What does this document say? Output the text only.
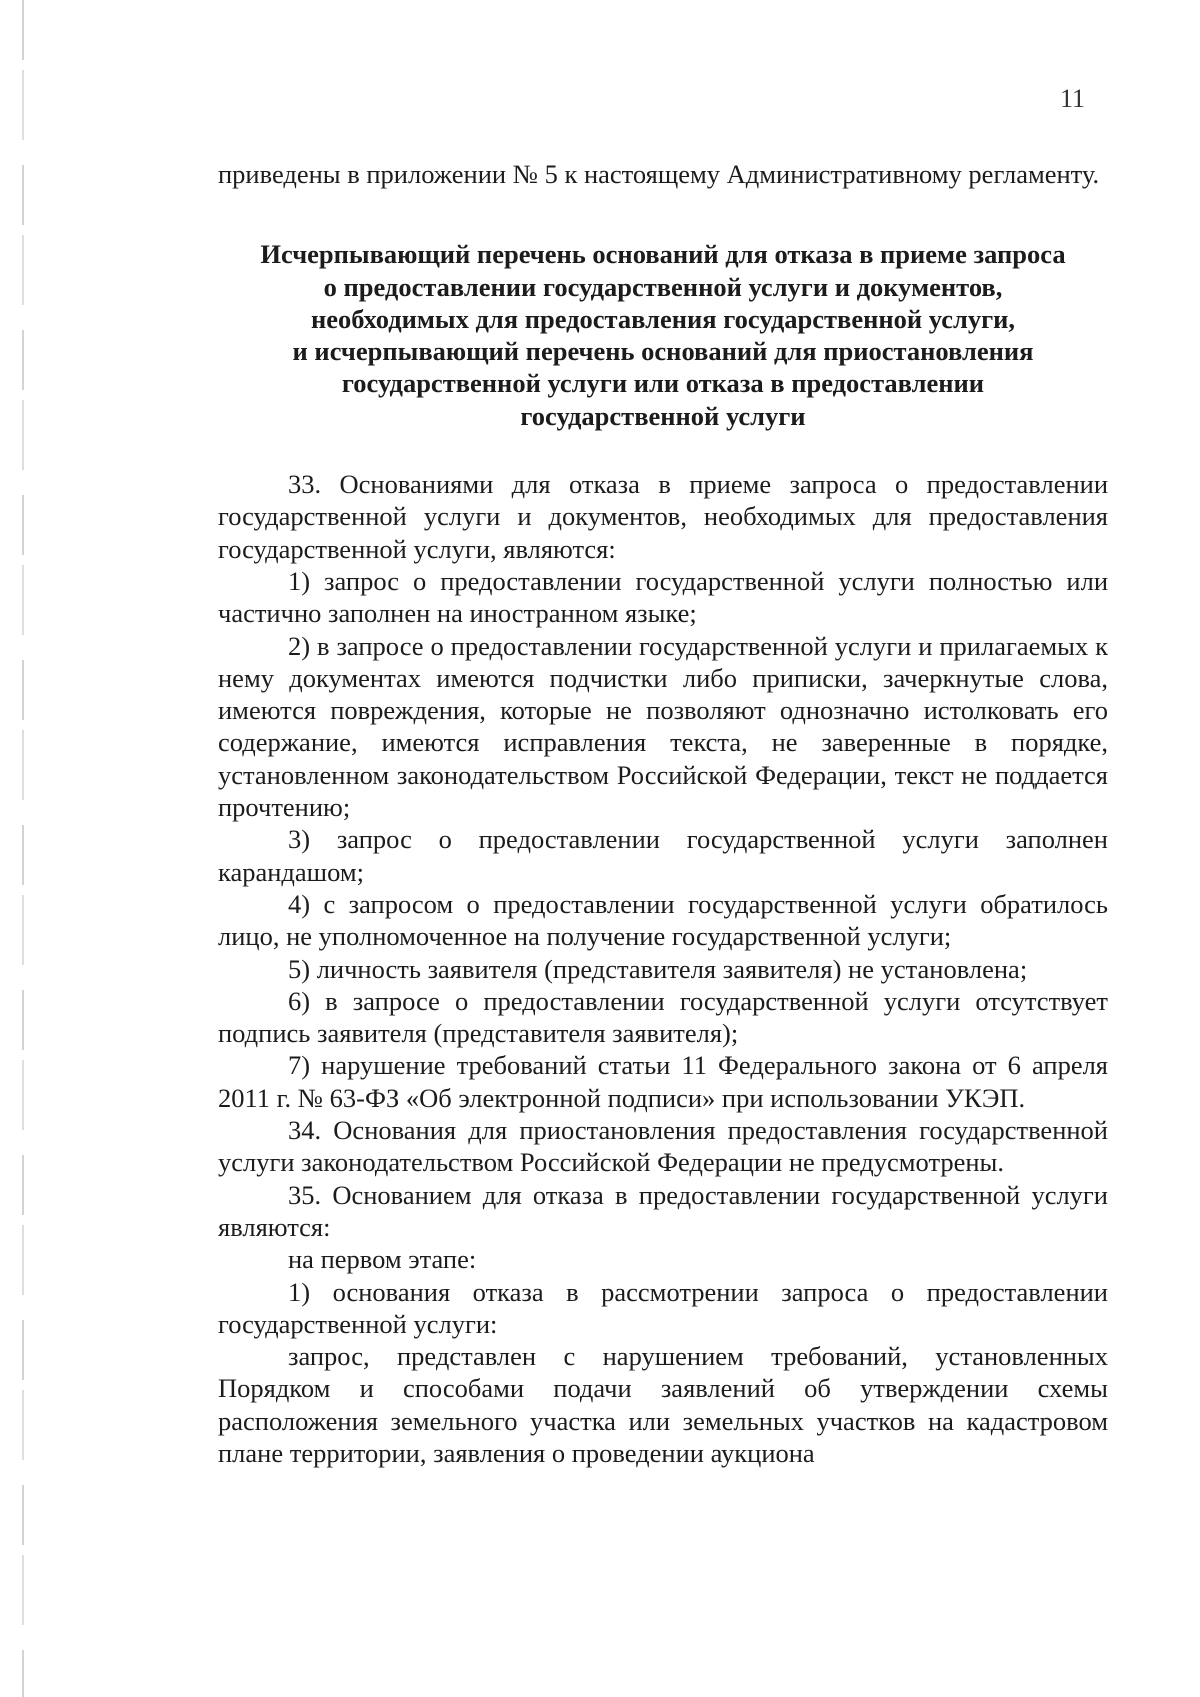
11

приведены в приложении № 5 к настоящему Административному регламенту.

Исчерпывающий перечень оснований для отказа в приеме запроса
о предоставлении государственной услуги и документов,
необходимых для предоставления государственной услуги,
и исчерпывающий перечень оснований для приостановления
государственной услуги или отказа в предоставлении
государственной услуги

33. Основаниями для отказа в приеме запроса о предоставлении государственной услуги и документов, необходимых для предоставления государственной услуги, являются:

1) запрос о предоставлении государственной услуги полностью или частично заполнен на иностранном языке;

2) в запросе о предоставлении государственной услуги и прилагаемых к нему документах имеются подчистки либо приписки, зачеркнутые слова, имеются повреждения, которые не позволяют однозначно истолковать его содержание, имеются исправления текста, не заверенные в порядке, установленном законодательством Российской Федерации, текст не поддается прочтению;

3) запрос о предоставлении государственной услуги заполнен карандашом;

4) с запросом о предоставлении государственной услуги обратилось лицо, не уполномоченное на получение государственной услуги;

5) личность заявителя (представителя заявителя) не установлена;

6) в запросе о предоставлении государственной услуги отсутствует подпись заявителя (представителя заявителя);

7) нарушение требований статьи 11 Федерального закона от 6 апреля 2011 г. № 63-ФЗ «Об электронной подписи» при использовании УКЭП.

34. Основания для приостановления предоставления государственной услуги законодательством Российской Федерации не предусмотрены.

35. Основанием для отказа в предоставлении государственной услуги являются:

на первом этапе:

1) основания отказа в рассмотрении запроса о предоставлении государственной услуги:

запрос, представлен с нарушением требований, установленных Порядком и способами подачи заявлений об утверждении схемы расположения земельного участка или земельных участков на кадастровом плане территории, заявления о проведении аукциона
